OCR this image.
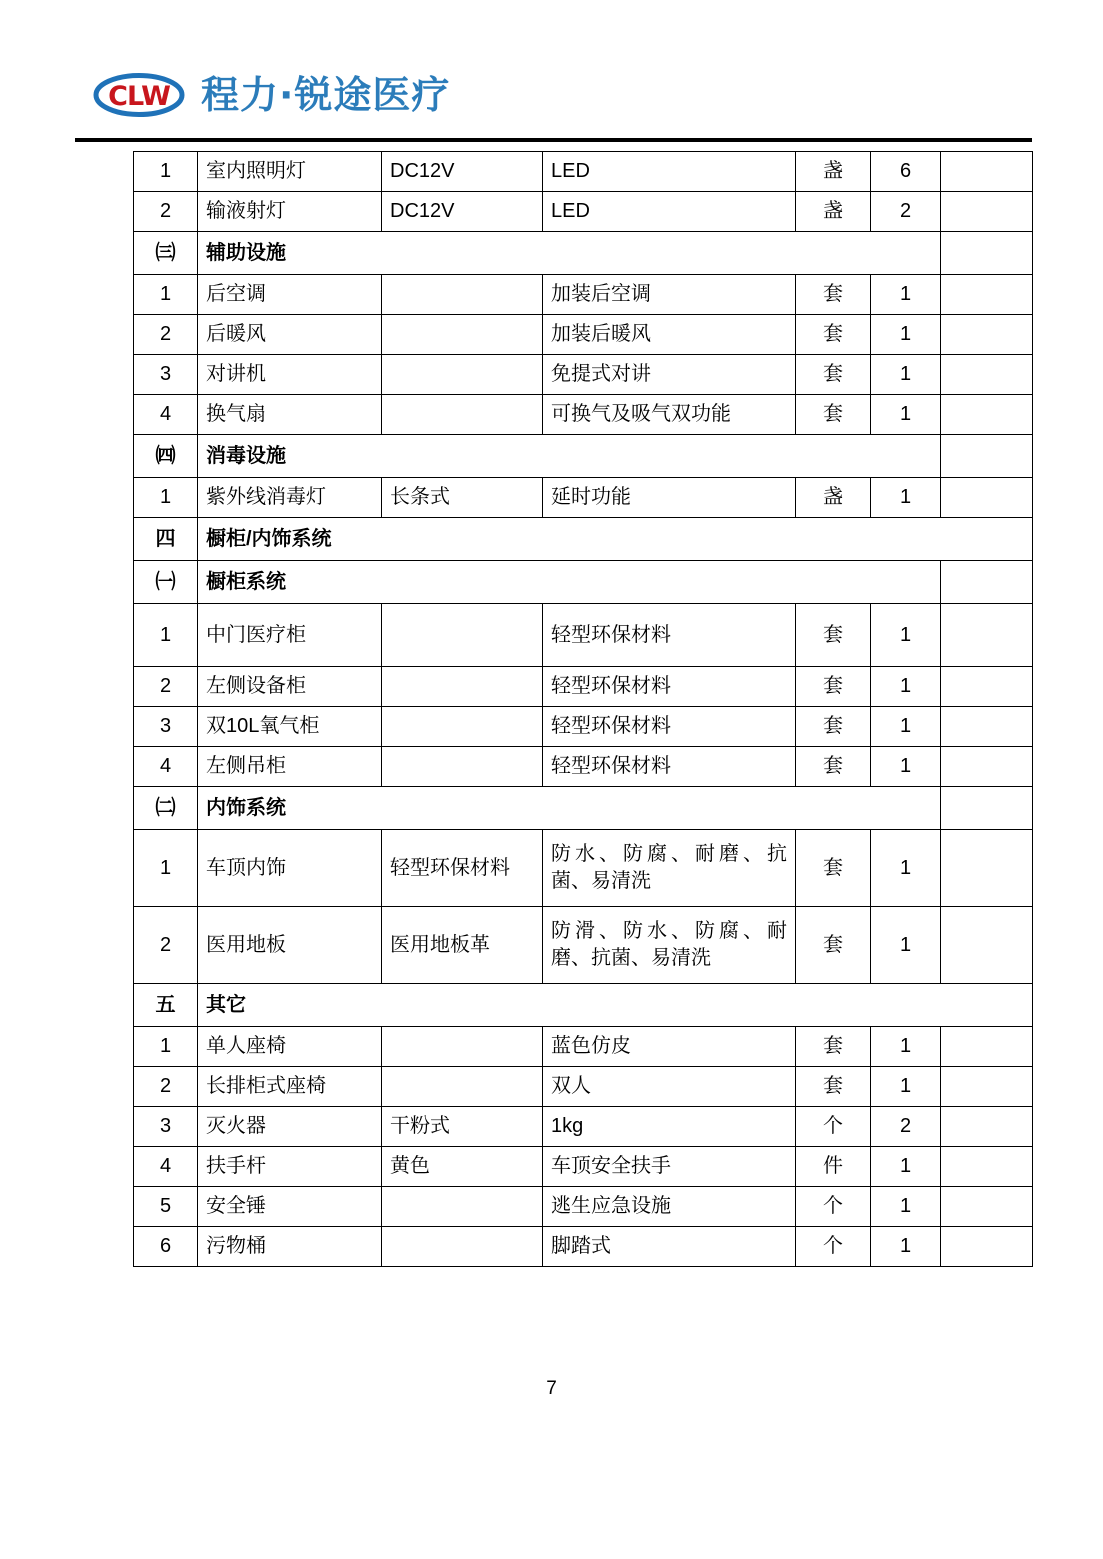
CLW 程力·锐途医疗
1	室内照明灯	DC12V	LED	盏	6	
2	输液射灯	DC12V	LED	盏	2	
㈢	辅助设施					
1	后空调		加装后空调	套	1	
2	后暖风		加装后暖风	套	1	
3	对讲机		免提式对讲	套	1	
4	换气扇		可换气及吸气双功能	套	1	
㈣	消毒设施					
1	紫外线消毒灯	长条式	延时功能	盏	1	
四	橱柜/内饰系统					
㈠	橱柜系统					
1	中门医疗柜		轻型环保材料	套	1	
2	左侧设备柜		轻型环保材料	套	1	
3	双10L氧气柜		轻型环保材料	套	1	
4	左侧吊柜		轻型环保材料	套	1	
㈡	内饰系统					
1	车顶内饰	轻型环保材料	防水、防腐、耐磨、抗菌、易清洗	套	1	
2	医用地板	医用地板革	防滑、防水、防腐、耐磨、抗菌、易清洗	套	1	
五	其它					
1	单人座椅		蓝色仿皮	套	1	
2	长排柜式座椅		双人	套	1	
3	灭火器	干粉式	1kg	个	2	
4	扶手杆	黄色	车顶安全扶手	件	1	
5	安全锤		逃生应急设施	个	1	
6	污物桶		脚踏式	个	1	
7
